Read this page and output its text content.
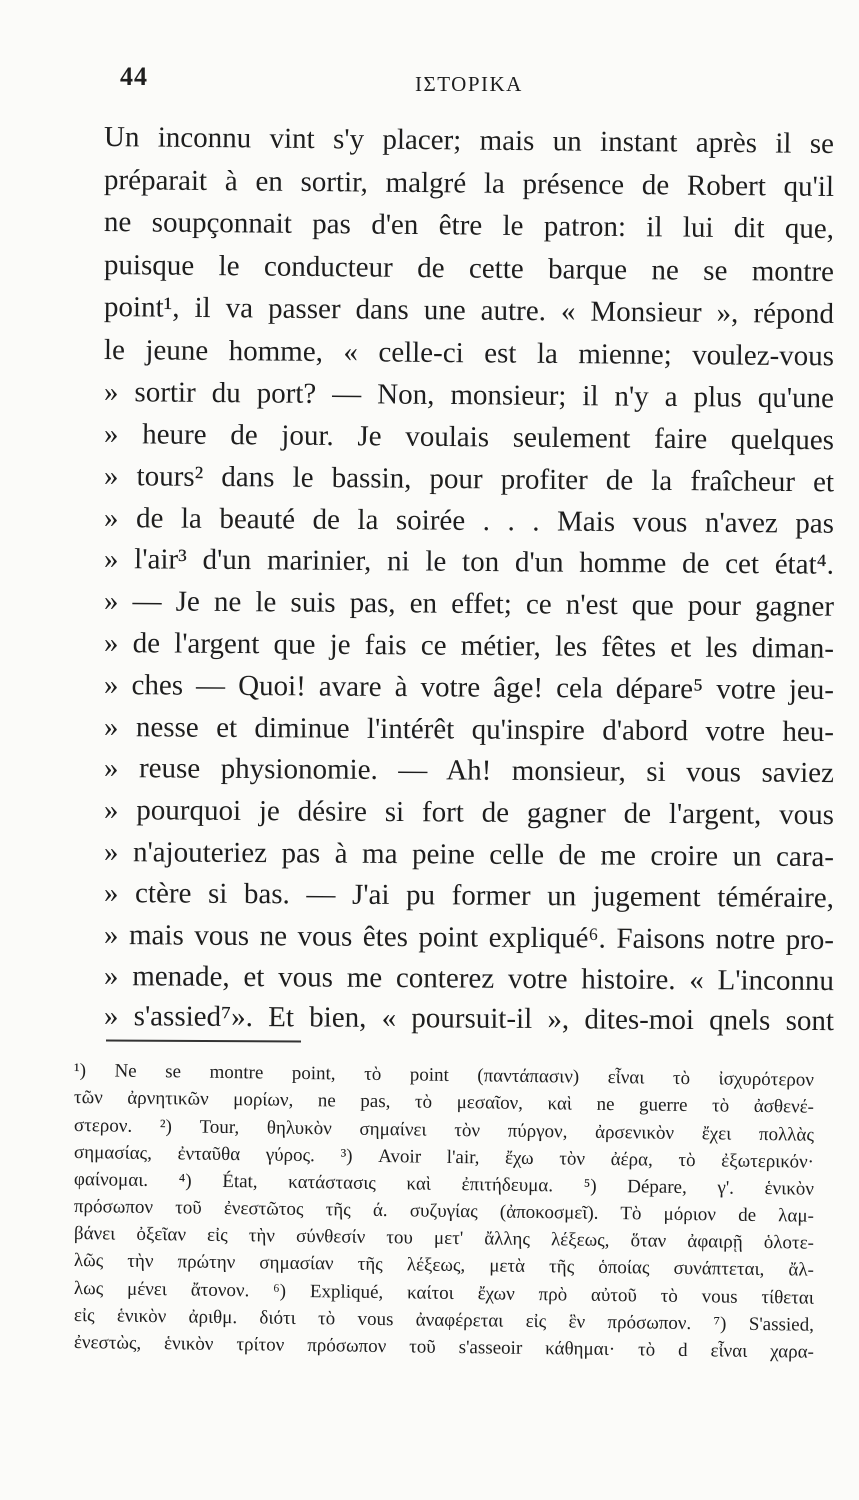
44	ΙΣΤΟΡΙΚΑ
Un inconnu vint s'y placer; mais un instant après il se
préparait à en sortir, malgré la présence de Robert qu'il
ne soupçonnait pas d'en être le patron: il lui dit que,
puisque le conducteur de cette barque ne se montre
point¹, il va passer dans une autre. « Monsieur », répond
le jeune homme, « celle-ci est la mienne; voulez-vous
» sortir du port? — Non, monsieur; il n'y a plus qu'une
» heure de jour. Je voulais seulement faire quelques
» tours² dans le bassin, pour profiter de la fraîcheur et
» de la beauté de la soirée . . . Mais vous n'avez pas
» l'air³ d'un marinier, ni le ton d'un homme de cet état⁴.
» — Je ne le suis pas, en effet; ce n'est que pour gagner
» de l'argent que je fais ce métier, les fêtes et les diman-
» ches — Quoi! avare à votre âge! cela dépare⁵ votre jeu-
» nesse et diminue l'intérêt qu'inspire d'abord votre heu-
» reuse physionomie. — Ah! monsieur, si vous saviez
» pourquoi je désire si fort de gagner de l'argent, vous
» n'ajouteriez pas à ma peine celle de me croire un cara-
» ctère si bas. — J'ai pu former un jugement téméraire,
» mais vous ne vous êtes point expliqué⁶. Faisons notre pro-
» menade, et vous me conterez votre histoire. « L'inconnu
» s'assied⁷». Et bien, « poursuit-il », dites-moi qnels sont
¹) Ne se montre point, τὸ point (παντάπασιν) εἶναι τὸ ἰσχυρότερον
τῶν ἀρνητικῶν μορίων, ne pas, τὸ μεσαῖον, καὶ ne guerre τὸ ἀσθενέ-
στερον. ²) Tour, θηλυκὸν σημαίνει τὸν πύργον, ἀρσενικὸν ἔχει πολλὰς
σημασίας, ἐνταῦθα γύρος. ³) Avoir l'air, ἔχω τὸν ἀέρα, τὸ ἐξωτερικόν·
φαίνομαι. ⁴) État, κατάστασις καὶ ἐπιτήδευμα. ⁵) Dépare, γ'. ἑνικὸν
πρόσωπον τοῦ ἐνεστῶτος τῆς ά. συζυγίας (ἀποκοσμεῖ). Τὸ μόριον de λαμ-
βάνει ὀξεῖαν εἰς τὴν σύνθεσίν του μετ' ἄλλης λέξεως, ὅταν ἀφαιρῇ ὁλοτε-
λῶς τὴν πρώτην σημασίαν τῆς λέξεως, μετὰ τῆς ὁποίας συνάπτεται, ἄλ-
λως μένει ἄτονον. ⁶) Expliqué, καίτοι ἔχων πρὸ αὐτοῦ τὸ vous τίθεται
εἰς ἑνικὸν ἀριθμ. διότι τὸ vous ἀναφέρεται εἰς ἓν πρόσωπον. ⁷) S'assied,
ἐνεστὼς, ἑνικὸν τρίτον πρόσωπον τοῦ s'asseoir κάθημαι· τὸ d εἶναι χαρα-
